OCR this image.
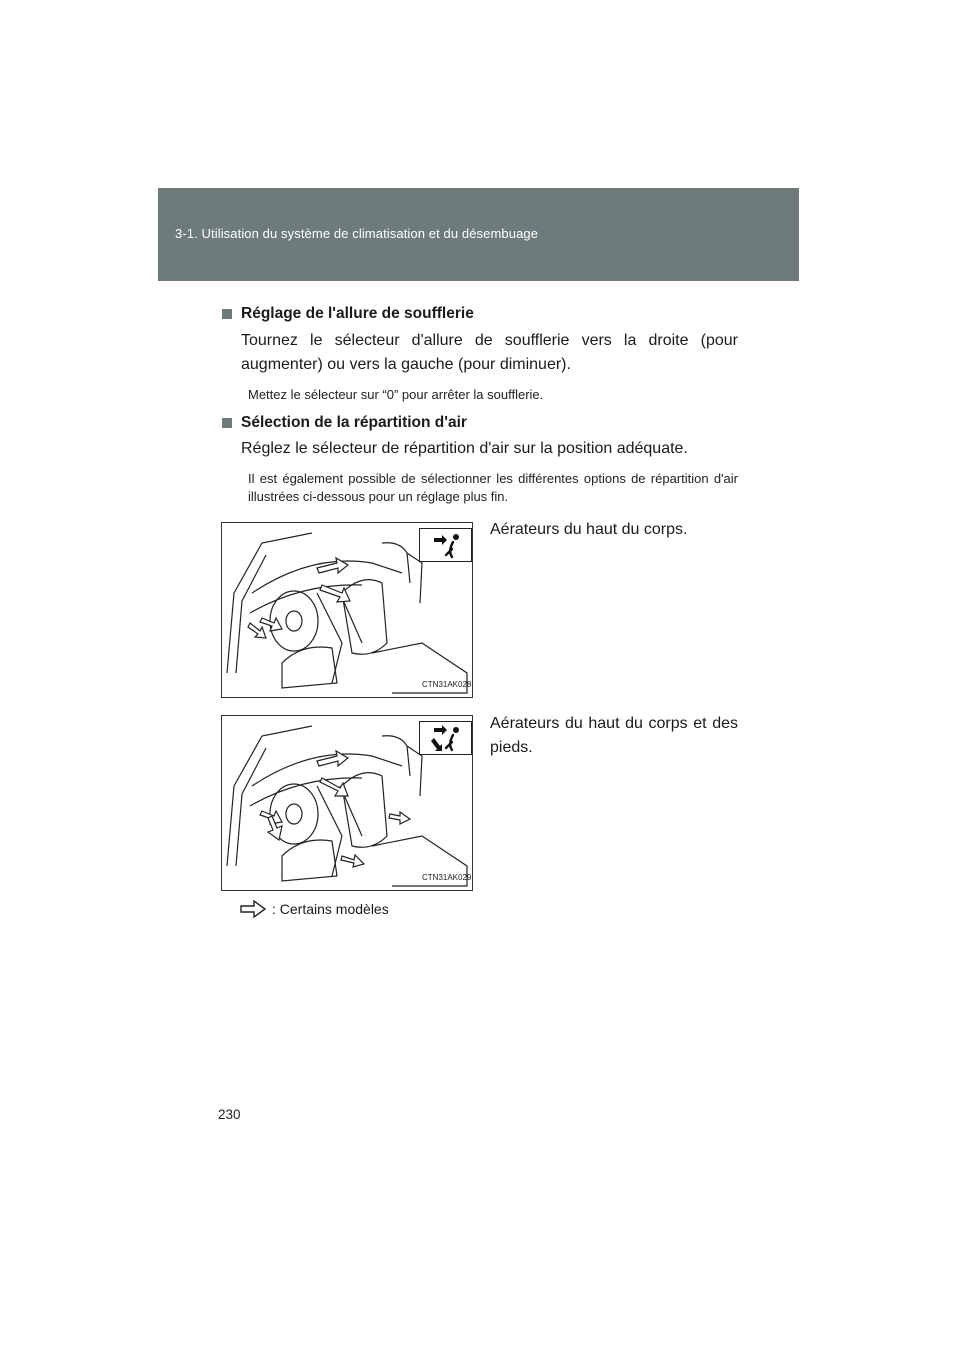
3-1. Utilisation du système de climatisation et du désembuage
Réglage de l'allure de soufflerie
Tournez le sélecteur d'allure de soufflerie vers la droite (pour augmenter) ou vers la gauche (pour diminuer).
Mettez le sélecteur sur “0” pour arrêter la soufflerie.
Sélection de la répartition d'air
Réglez le sélecteur de répartition d'air sur la position adéquate.
Il est également possible de sélectionner les différentes options de répartition d'air illustrées ci-dessous pour un réglage plus fin.
CTN31AK028
Aérateurs du haut du corps.
CTN31AK029
Aérateurs du haut du corps et des pieds.
: Certains modèles
230
